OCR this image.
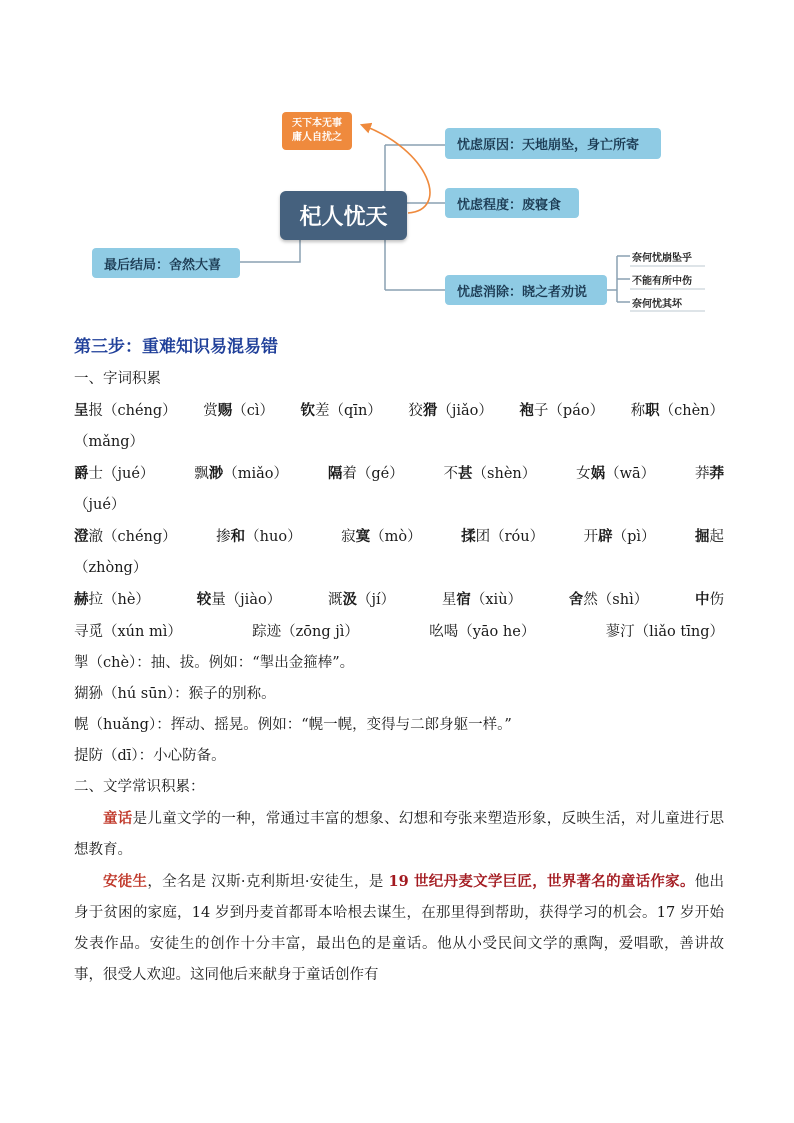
天下本无事
庸人自扰之
杞人忧天
最后结局：舍然大喜
忧虑原因：天地崩坠，身亡所寄
忧虑程度：废寝食
忧虑消除：晓之者劝说
奈何忧崩坠乎
不能有所中伤
奈何忧其坏
第三步：重难知识易混易错
一、字词积累
呈报（chéng） 赏赐（cì） 钦差（qīn） 狡猾（jiǎo） 袍子（páo） 称职（chèn）
（mǎng）
爵士（jué）	飘渺（miǎo）	隔着（gé）	不甚（shèn）	女娲（wā）	莽莽
（jué）
澄澈（chéng）	掺和（huo）	寂寞（mò）	揉团（róu）	开辟（pì）	掘起
（zhòng）
赫拉（hè）	较量（jiào）	溉汲（jí）	星宿（xiù）	舍然（shì）	中伤
寻觅（xún mì）	踪迹（zōng jì）	吆喝（yāo he）	蓼汀（liǎo tīng）
掣（chè）：抽、拔。例如：“掣出金箍棒”。
猢狲（hú sūn）：猴子的别称。
幌（huǎng）：挥动、摇晃。例如：“幌一幌，变得与二郎身躯一样。”
提防（dī）：小心防备。
二、文学常识积累：
童话是儿童文学的一种，常通过丰富的想象、幻想和夸张来塑造形象，反映生活，对儿童进行思想教育。
安徒生，全名是 汉斯·克利斯坦·安徒生，是 19 世纪丹麦文学巨匠，世界著名的童话作家。他出身于贫困的家庭，14 岁到丹麦首都哥本哈根去谋生，在那里得到帮助，获得学习的机会。17 岁开始发表作品。安徒生的创作十分丰富，最出色的是童话。他从小受民间文学的熏陶，爱唱歌，善讲故事，很受人欢迎。这同他后来献身于童话创作有
